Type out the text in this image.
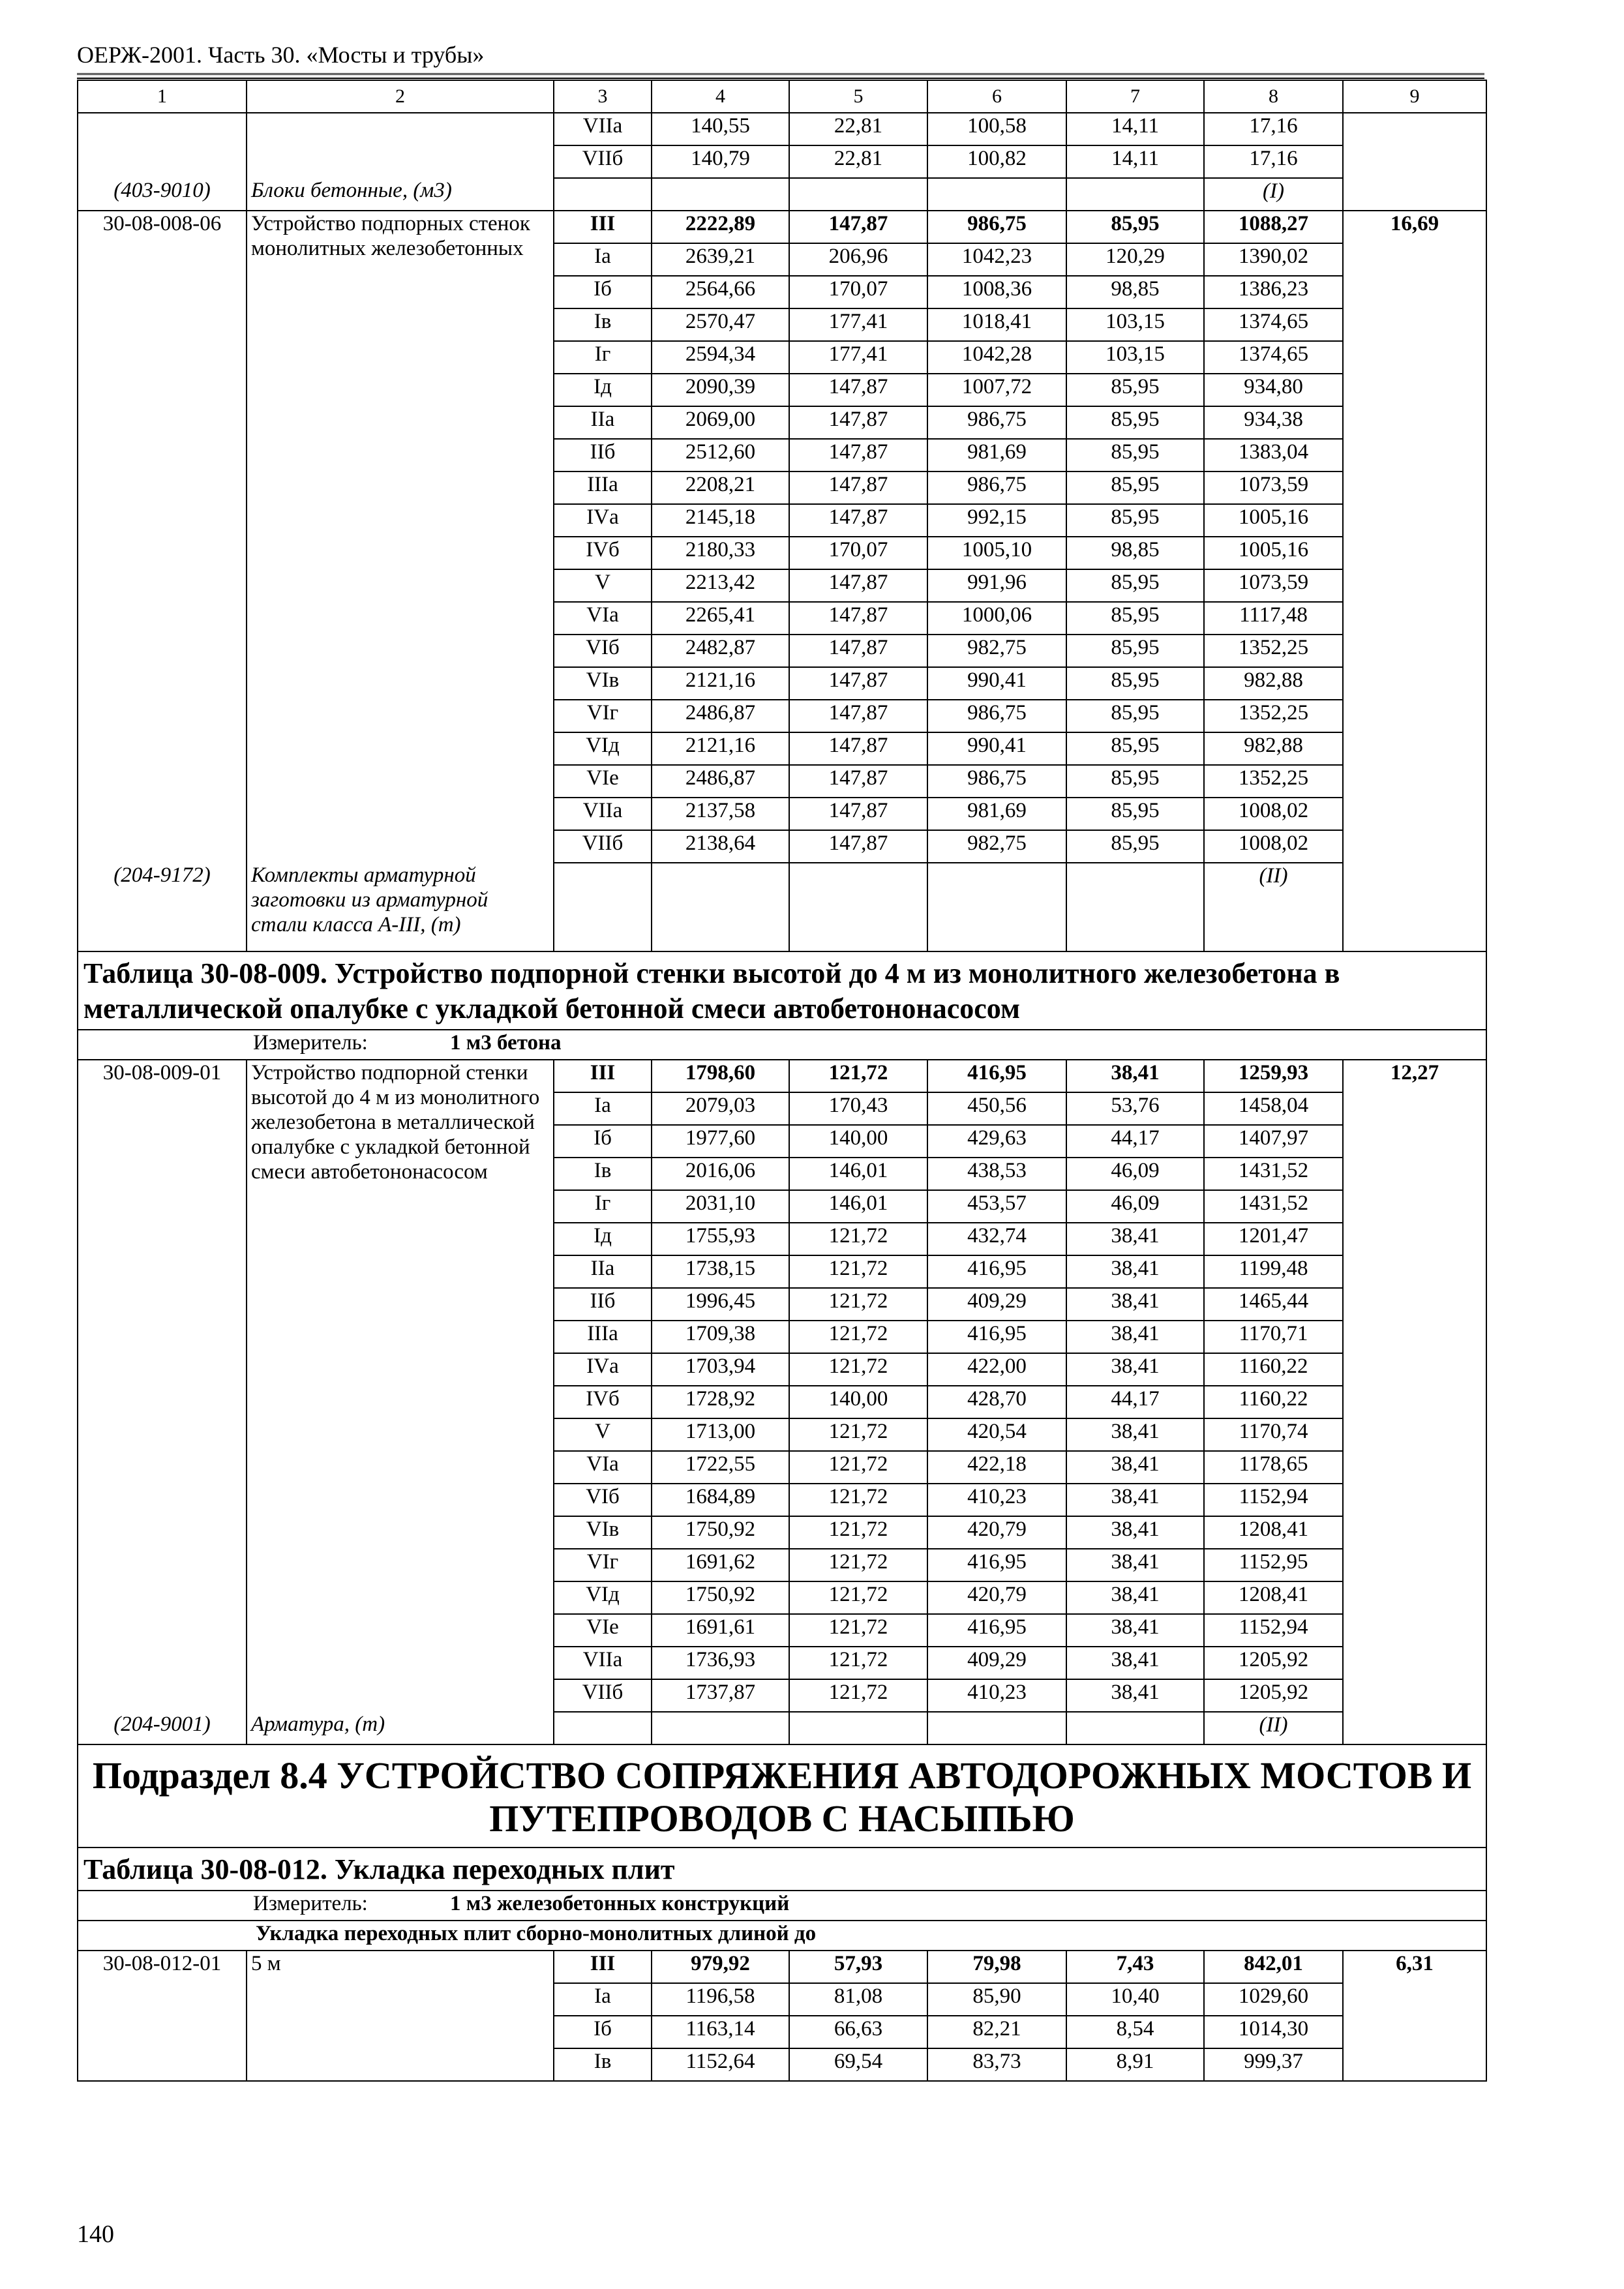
ОЕРЖ-2001. Часть 30. «Мосты и трубы»
1	2	3	4	5	6	7	8	9
		VIIа	140,55	22,81	100,58	14,11	17,16	
		VIIб	140,79	22,81	100,82	14,11	17,16	
(403-9010)	Блоки бетонные, (м3)						(I)	
30-08-008-06	Устройство подпорных стенок монолитных железобетонных	III	2222,89	147,87	986,75	85,95	1088,27	16,69
		Iа	2639,21	206,96	1042,23	120,29	1390,02	
		Iб	2564,66	170,07	1008,36	98,85	1386,23	
		Iв	2570,47	177,41	1018,41	103,15	1374,65	
		Iг	2594,34	177,41	1042,28	103,15	1374,65	
		Iд	2090,39	147,87	1007,72	85,95	934,80	
		IIа	2069,00	147,87	986,75	85,95	934,38	
		IIб	2512,60	147,87	981,69	85,95	1383,04	
		IIIа	2208,21	147,87	986,75	85,95	1073,59	
		IVа	2145,18	147,87	992,15	85,95	1005,16	
		IVб	2180,33	170,07	1005,10	98,85	1005,16	
		V	2213,42	147,87	991,96	85,95	1073,59	
		VIа	2265,41	147,87	1000,06	85,95	1117,48	
		VIб	2482,87	147,87	982,75	85,95	1352,25	
		VIв	2121,16	147,87	990,41	85,95	982,88	
		VIг	2486,87	147,87	986,75	85,95	1352,25	
		VIд	2121,16	147,87	990,41	85,95	982,88	
		VIе	2486,87	147,87	986,75	85,95	1352,25	
		VIIа	2137,58	147,87	981,69	85,95	1008,02	
		VIIб	2138,64	147,87	982,75	85,95	1008,02	
(204-9172)	Комплекты арматурной заготовки из арматурной стали класса А-III, (т)						(II)	
Таблица 30-08-009. Устройство подпорной стенки высотой до 4 м из монолитного железобетона в металлической опалубке с укладкой бетонной смеси автобетононасосом								
Измеритель: 1 м3 бетона								
30-08-009-01	Устройство подпорной стенки высотой до 4 м из монолитного железобетона в металлической опалубке с укладкой бетонной смеси автобетононасосом	III	1798,60	121,72	416,95	38,41	1259,93	12,27
		Iа	2079,03	170,43	450,56	53,76	1458,04	
		Iб	1977,60	140,00	429,63	44,17	1407,97	
		Iв	2016,06	146,01	438,53	46,09	1431,52	
		Iг	2031,10	146,01	453,57	46,09	1431,52	
		Iд	1755,93	121,72	432,74	38,41	1201,47	
		IIа	1738,15	121,72	416,95	38,41	1199,48	
		IIб	1996,45	121,72	409,29	38,41	1465,44	
		IIIа	1709,38	121,72	416,95	38,41	1170,71	
		IVа	1703,94	121,72	422,00	38,41	1160,22	
		IVб	1728,92	140,00	428,70	44,17	1160,22	
		V	1713,00	121,72	420,54	38,41	1170,74	
		VIа	1722,55	121,72	422,18	38,41	1178,65	
		VIб	1684,89	121,72	410,23	38,41	1152,94	
		VIв	1750,92	121,72	420,79	38,41	1208,41	
		VIг	1691,62	121,72	416,95	38,41	1152,95	
		VIд	1750,92	121,72	420,79	38,41	1208,41	
		VIе	1691,61	121,72	416,95	38,41	1152,94	
		VIIа	1736,93	121,72	409,29	38,41	1205,92	
		VIIб	1737,87	121,72	410,23	38,41	1205,92	
(204-9001)	Арматура, (т)						(II)	
Подраздел 8.4 УСТРОЙСТВО СОПРЯЖЕНИЯ АВТОДОРОЖНЫХ МОСТОВ И ПУТЕПРОВОДОВ С НАСЫПЬЮ								
Таблица 30-08-012. Укладка переходных плит								
Измеритель: 1 м3 железобетонных конструкций								
Укладка переходных плит сборно-монолитных длиной до								
30-08-012-01	5 м	III	979,92	57,93	79,98	7,43	842,01	6,31
		Iа	1196,58	81,08	85,90	10,40	1029,60	
		Iб	1163,14	66,63	82,21	8,54	1014,30	
		Iв	1152,64	69,54	83,73	8,91	999,37	
140
